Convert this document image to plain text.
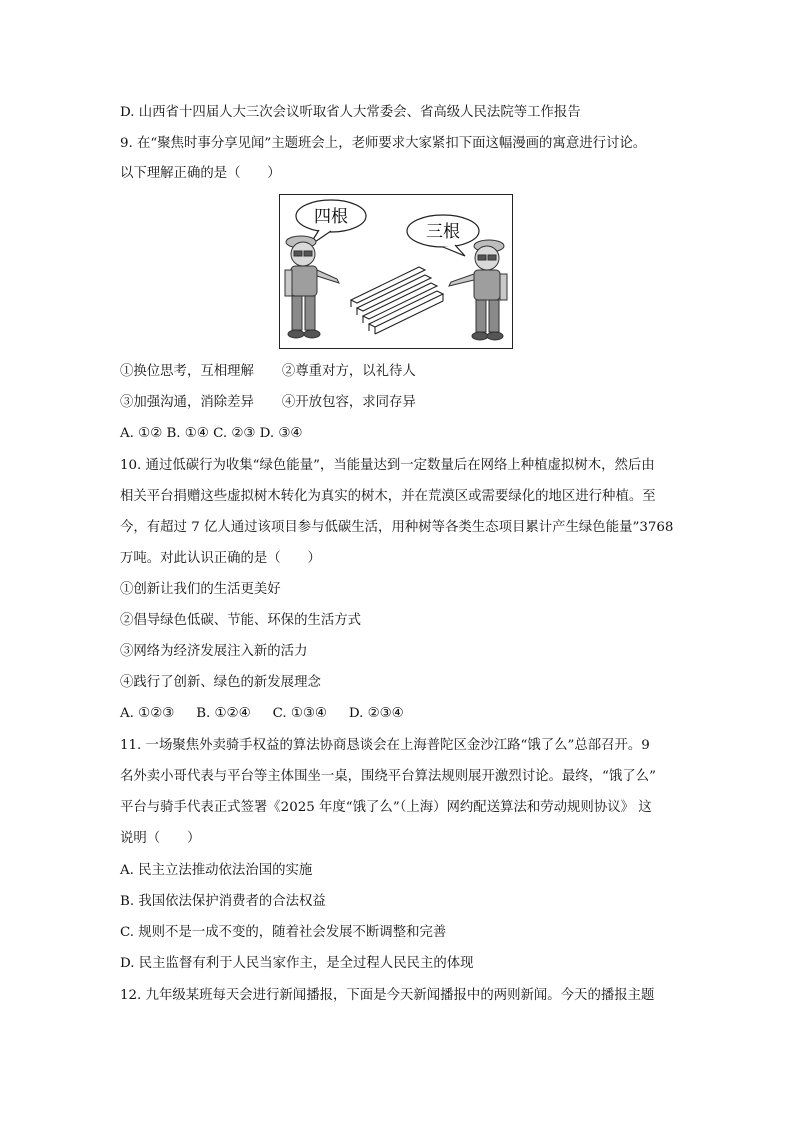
D. 山西省十四届人大三次会议听取省人大常委会、省高级人民法院等工作报告
9. 在“聚焦时事分享见闻”主题班会上，老师要求大家紧扣下面这幅漫画的寓意进行讨论。
以下理解正确的是（　　）
四根
三根
①换位思考，互相理解 ②尊重对方，以礼待人
③加强沟通，消除差异 ④开放包容，求同存异
A. ①② B. ①④ C. ②③ D. ③④
10. 通过低碳行为收集“绿色能量”，当能量达到一定数量后在网络上种植虚拟树木，然后由
相关平台捐赠这些虚拟树木转化为真实的树木，并在荒漠区或需要绿化的地区进行种植。至
今，有超过 7 亿人通过该项目参与低碳生活，用种树等各类生态项目累计产生绿色能量”3768
万吨。对此认识正确的是（　　）
①创新让我们的生活更美好
②倡导绿色低碳、节能、环保的生活方式
③网络为经济发展注入新的活力
④践行了创新、绿色的新发展理念
A. ①②③ B. ①②④ C. ①③④ D. ②③④
11. 一场聚焦外卖骑手权益的算法协商恳谈会在上海普陀区金沙江路“饿了么”总部召开。9
名外卖小哥代表与平台等主体围坐一桌，围绕平台算法规则展开激烈讨论。最终，“饿了么”
平台与骑手代表正式签署《2025 年度“饿了么”（上海）网约配送算法和劳动规则协议》 这
说明（　　）
A. 民主立法推动依法治国的实施
B. 我国依法保护消费者的合法权益
C. 规则不是一成不变的，随着社会发展不断调整和完善
D. 民主监督有利于人民当家作主，是全过程人民民主的体现
12. 九年级某班每天会进行新闻播报，下面是今天新闻播报中的两则新闻。今天的播报主题
